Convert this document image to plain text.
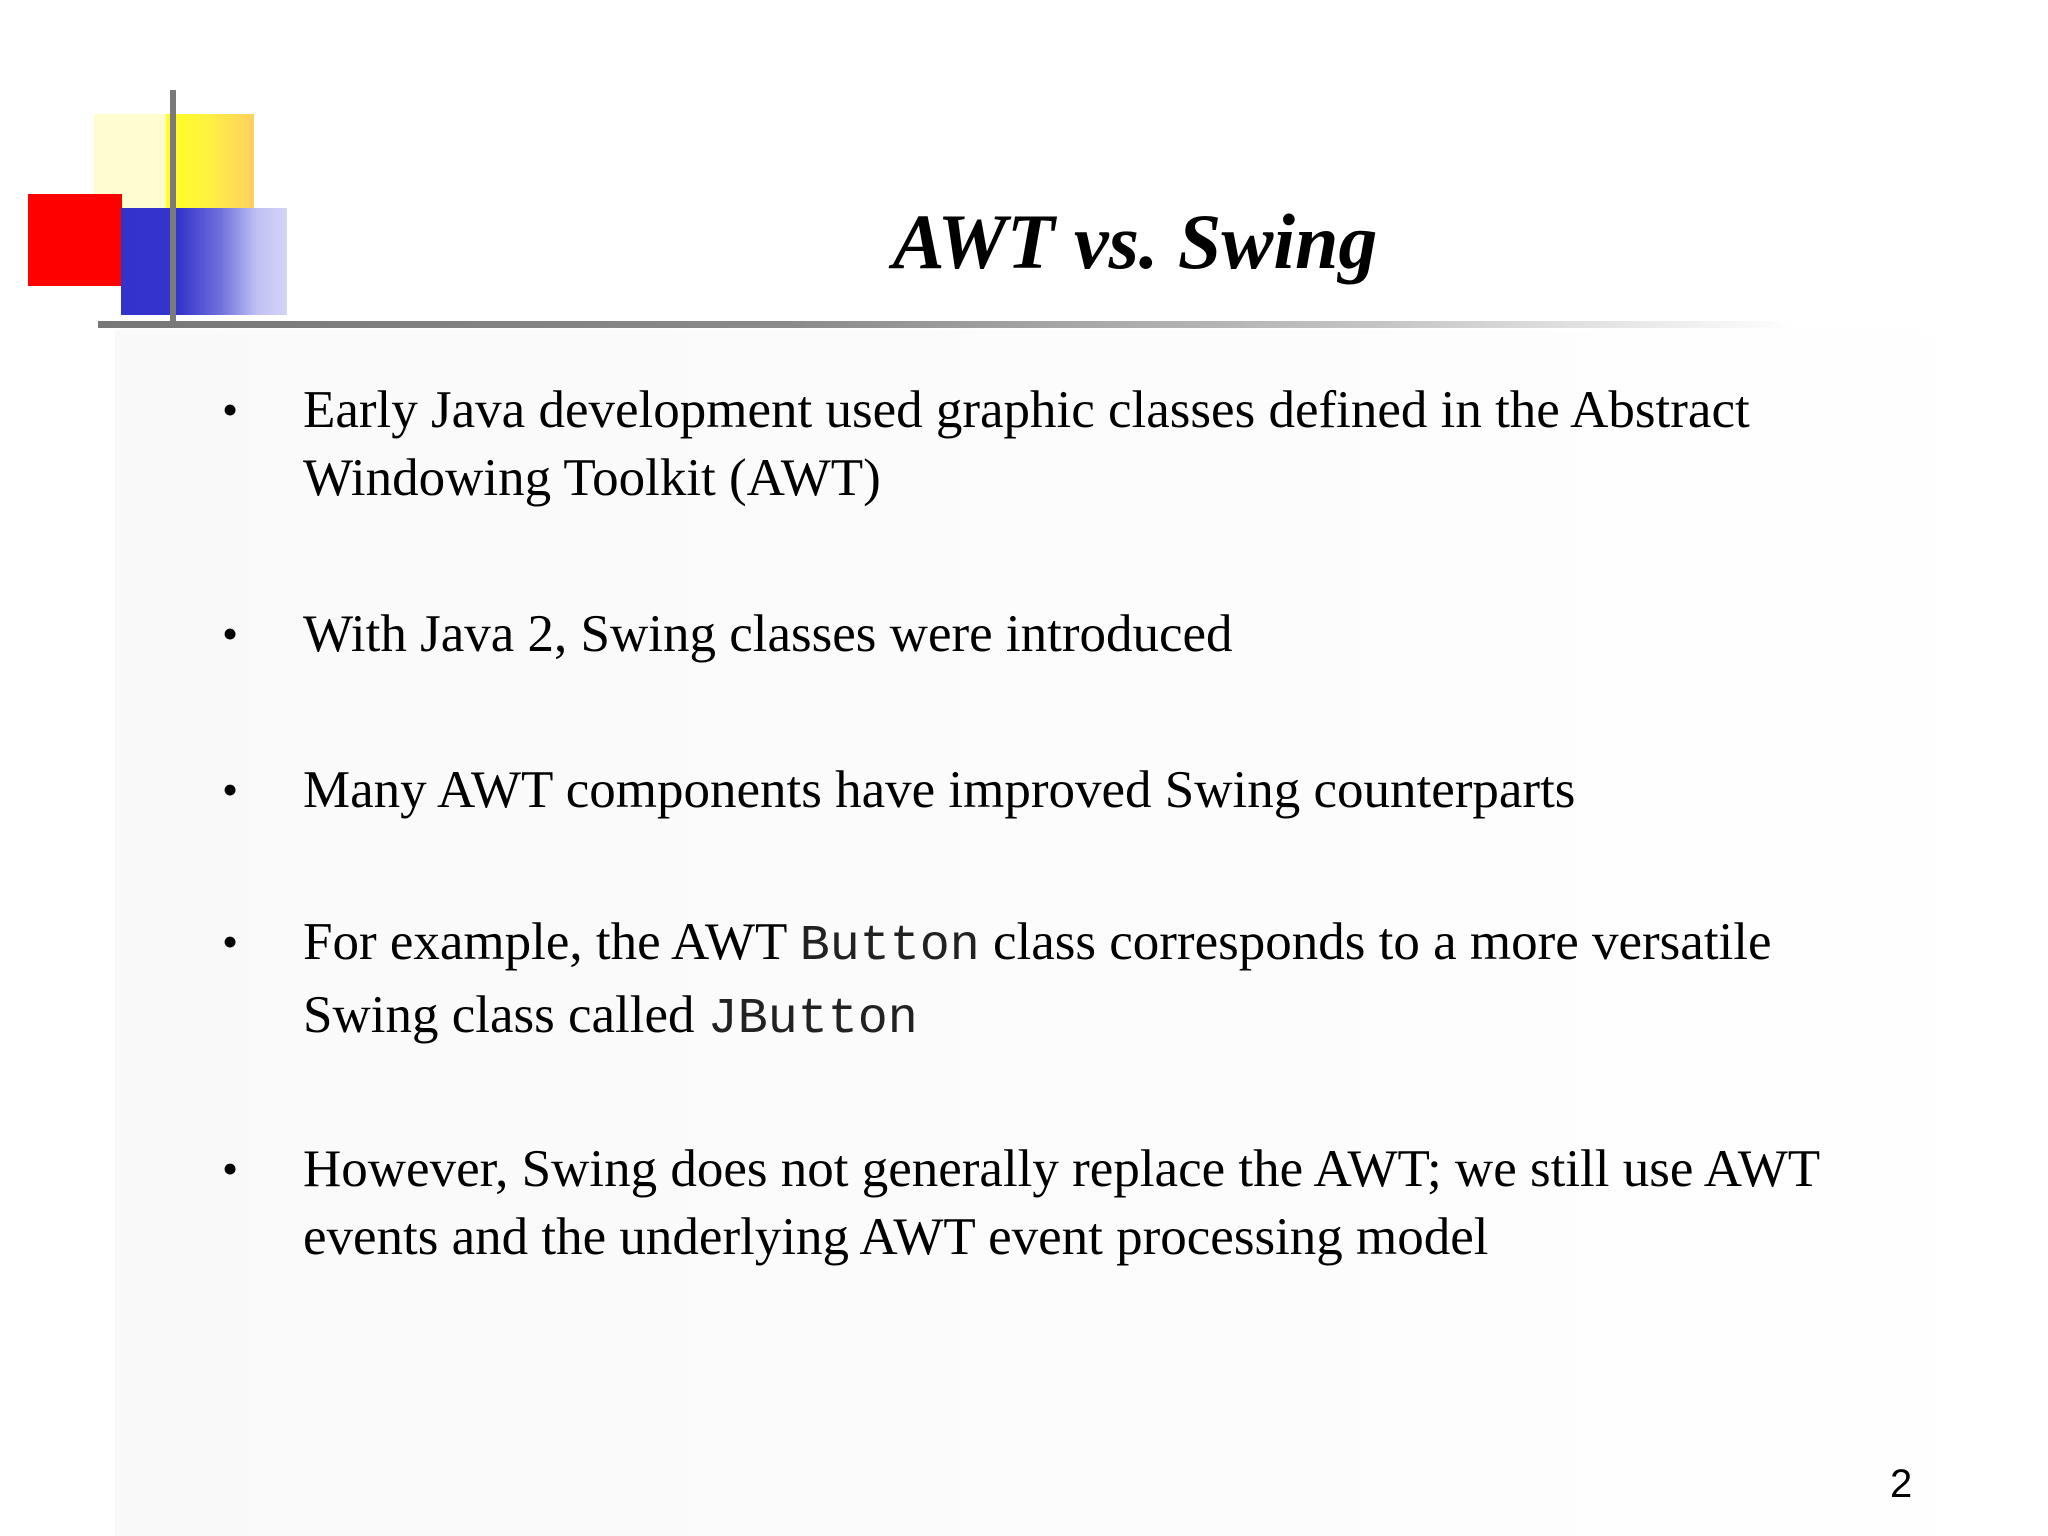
AWT vs. Swing
• Early Java development used graphic classes defined in the Abstract
Windowing Toolkit (AWT)
• With Java 2, Swing classes were introduced
• Many AWT components have improved Swing counterparts
• For example, the AWT Button class corresponds to a more versatile
Swing class called JButton
• However, Swing does not generally replace the AWT; we still use AWT
events and the underlying AWT event processing model
2
